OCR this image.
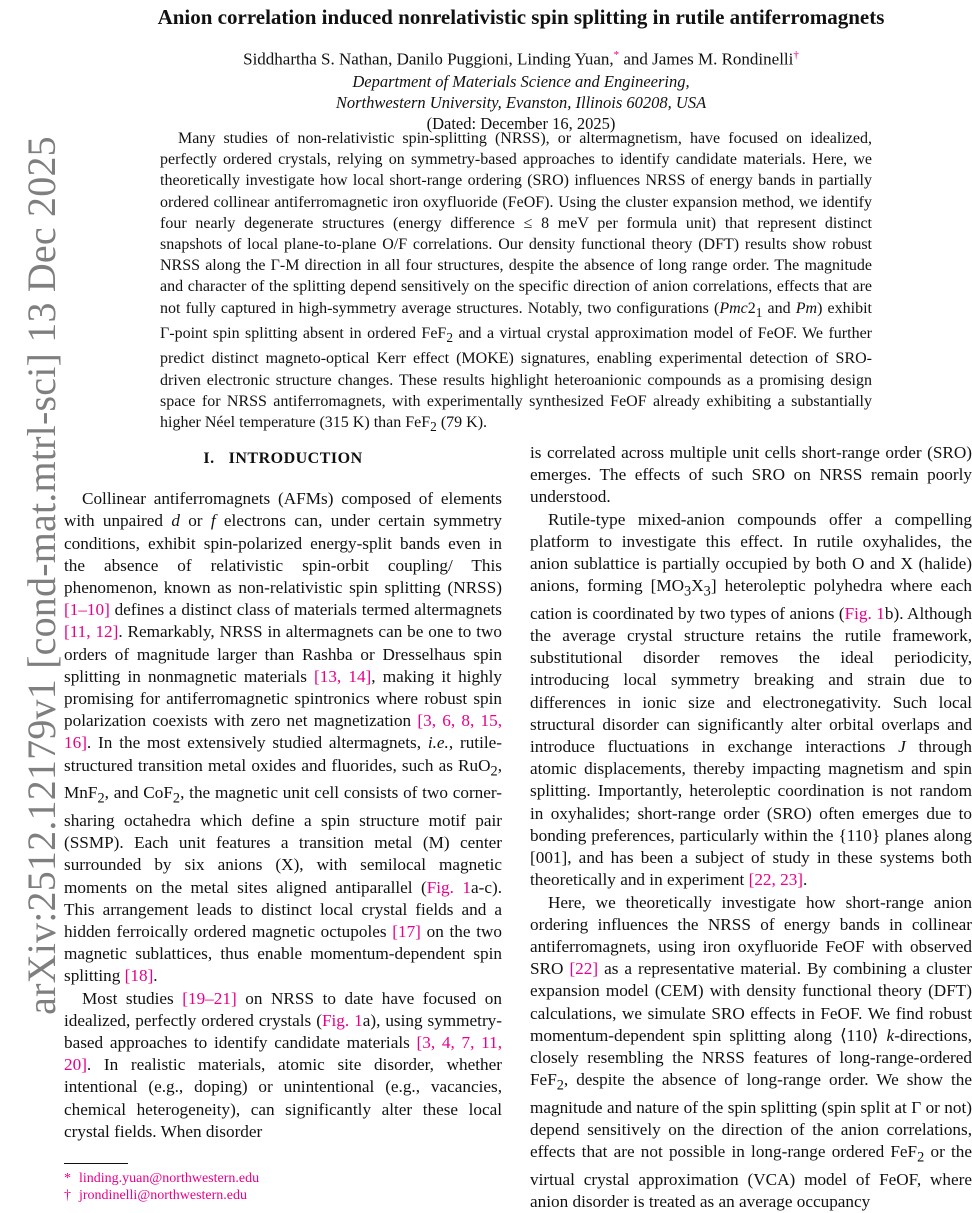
arXiv:2512.12179v1 [cond-mat.mtrl-sci] 13 Dec 2025
Anion correlation induced nonrelativistic spin splitting in rutile antiferromagnets
Siddhartha S. Nathan, Danilo Puggioni, Linding Yuan,* and James M. Rondinelli†
Department of Materials Science and Engineering,
Northwestern University, Evanston, Illinois 60208, USA
(Dated: December 16, 2025)

Many studies of non-relativistic spin-splitting (NRSS), or altermagnetism, have focused on idealized, perfectly ordered crystals, relying on symmetry-based approaches to identify candidate materials. Here, we theoretically investigate how local short-range ordering (SRO) influences NRSS of energy bands in partially ordered collinear antiferromagnetic iron oxyfluoride (FeOF). Using the cluster expansion method, we identify four nearly degenerate structures (energy difference ≤ 8 meV per formula unit) that represent distinct snapshots of local plane-to-plane O/F correlations. Our density functional theory (DFT) results show robust NRSS along the Γ-M direction in all four structures, despite the absence of long range order. The magnitude and character of the splitting depend sensitively on the specific direction of anion correlations, effects that are not fully captured in high-symmetry average structures. Notably, two configurations ($Pmc2_1$ and Pm) exhibit Γ-point spin splitting absent in ordered FeF$_2$ and a virtual crystal approximation model of FeOF. We further predict distinct magneto-optical Kerr effect (MOKE) signatures, enabling experimental detection of SRO-driven electronic structure changes. These results highlight heteroanionic compounds as a promising design space for NRSS antiferromagnets, with experimentally synthesized FeOF already exhibiting a substantially higher Néel temperature (315 K) than FeF$_2$ (79 K).

I. INTRODUCTION

Collinear antiferromagnets (AFMs) composed of elements with unpaired d or f electrons can, under certain symmetry conditions, exhibit spin-polarized energy-split bands even in the absence of relativistic spin-orbit coupling/ This phenomenon, known as non-relativistic spin splitting (NRSS) [1–10] defines a distinct class of materials termed altermagnets [11, 12]. Remarkably, NRSS in altermagnets can be one to two orders of magnitude larger than Rashba or Dresselhaus spin splitting in nonmagnetic materials [13, 14], making it highly promising for antiferromagnetic spintronics where robust spin polarization coexists with zero net magnetization [3, 6, 8, 15, 16]. In the most extensively studied altermagnets, i.e., rutile-structured transition metal oxides and fluorides, such as RuO$_2$, MnF$_2$, and CoF$_2$, the magnetic unit cell consists of two corner-sharing octahedra which define a spin structure motif pair (SSMP). Each unit features a transition metal (M) center surrounded by six anions (X), with semilocal magnetic moments on the metal sites aligned antiparallel (Fig. 1a-c). This arrangement leads to distinct local crystal fields and a hidden ferroically ordered magnetic octupoles [17] on the two magnetic sublattices, thus enable momentum-dependent spin splitting [18].

Most studies [19–21] on NRSS to date have focused on idealized, perfectly ordered crystals (Fig. 1a), using symmetry-based approaches to identify candidate materials [3, 4, 7, 11, 20]. In realistic materials, atomic site disorder, whether intentional (e.g., doping) or unintentional (e.g., vacancies, chemical heterogeneity), can significantly alter these local crystal fields. When disorder

is correlated across multiple unit cells short-range order (SRO) emerges. The effects of such SRO on NRSS remain poorly understood.

Rutile-type mixed-anion compounds offer a compelling platform to investigate this effect. In rutile oxyhalides, the anion sublattice is partially occupied by both O and X (halide) anions, forming $[MO_3X_3]$ heteroleptic polyhedra where each cation is coordinated by two types of anions (Fig. 1b). Although the average crystal structure retains the rutile framework, substitutional disorder removes the ideal periodicity, introducing local symmetry breaking and strain due to differences in ionic size and electronegativity. Such local structural disorder can significantly alter orbital overlaps and introduce fluctuations in exchange interactions J through atomic displacements, thereby impacting magnetism and spin splitting. Importantly, heteroleptic coordination is not random in oxyhalides; short-range order (SRO) often emerges due to bonding preferences, particularly within the {110} planes along [001], and has been a subject of study in these systems both theoretically and in experiment [22, 23].

Here, we theoretically investigate how short-range anion ordering influences the NRSS of energy bands in collinear antiferromagnets, using iron oxyfluoride FeOF with observed SRO [22] as a representative material. By combining a cluster expansion model (CEM) with density functional theory (DFT) calculations, we simulate SRO effects in FeOF. We find robust momentum-dependent spin splitting along ⟨110⟩ k-directions, closely resembling the NRSS features of long-range-ordered FeF$_2$, despite the absence of long-range order. We show the magnitude and nature of the spin splitting (spin split at Γ or not) depend sensitively on the direction of the anion correlations, effects that are not possible in long-range ordered FeF$_2$ or the virtual crystal approximation (VCA) model of FeOF, where anion disorder is treated as an average occupancy

* linding.yuan@northwestern.edu
† jrondinelli@northwestern.edu
